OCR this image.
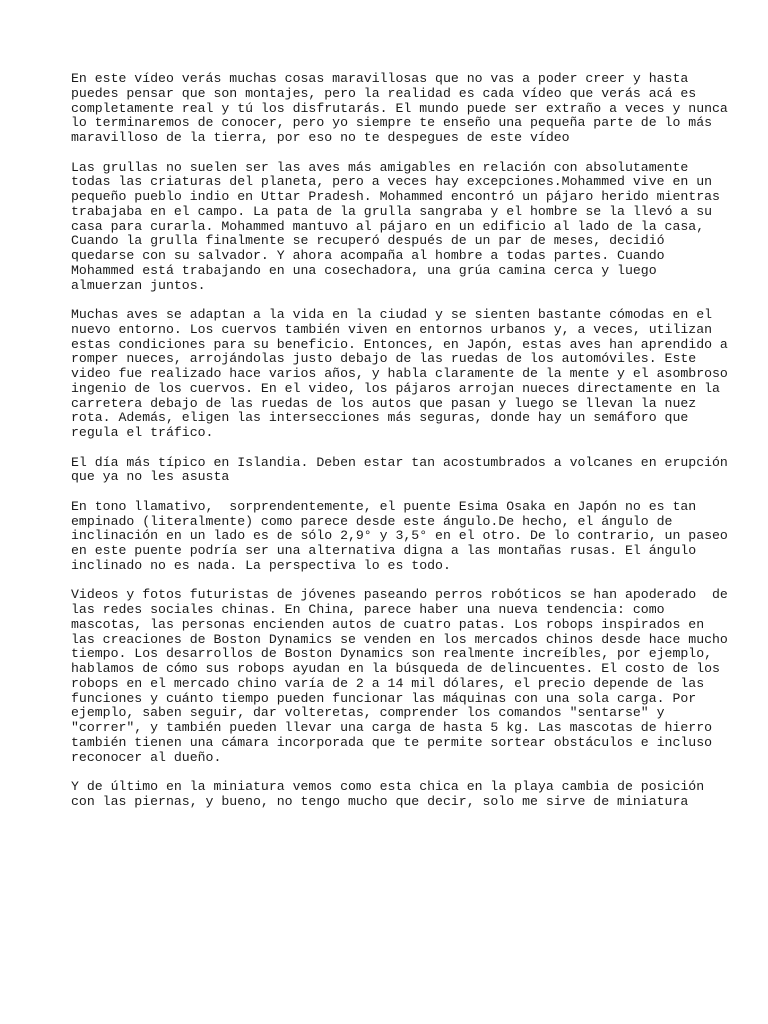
En este vídeo verás muchas cosas maravillosas que no vas a poder creer y hasta
puedes pensar que son montajes, pero la realidad es cada vídeo que verás acá es
completamente real y tú los disfrutarás. El mundo puede ser extraño a veces y nunca
lo terminaremos de conocer, pero yo siempre te enseño una pequeña parte de lo más
maravilloso de la tierra, por eso no te despegues de este vídeo

Las grullas no suelen ser las aves más amigables en relación con absolutamente
todas las criaturas del planeta, pero a veces hay excepciones.Mohammed vive en un
pequeño pueblo indio en Uttar Pradesh. Mohammed encontró un pájaro herido mientras
trabajaba en el campo. La pata de la grulla sangraba y el hombre se la llevó a su
casa para curarla. Mohammed mantuvo al pájaro en un edificio al lado de la casa,
Cuando la grulla finalmente se recuperó después de un par de meses, decidió
quedarse con su salvador. Y ahora acompaña al hombre a todas partes. Cuando
Mohammed está trabajando en una cosechadora, una grúa camina cerca y luego
almuerzan juntos.

Muchas aves se adaptan a la vida en la ciudad y se sienten bastante cómodas en el
nuevo entorno. Los cuervos también viven en entornos urbanos y, a veces, utilizan
estas condiciones para su beneficio. Entonces, en Japón, estas aves han aprendido a
romper nueces, arrojándolas justo debajo de las ruedas de los automóviles. Este
video fue realizado hace varios años, y habla claramente de la mente y el asombroso
ingenio de los cuervos. En el video, los pájaros arrojan nueces directamente en la
carretera debajo de las ruedas de los autos que pasan y luego se llevan la nuez
rota. Además, eligen las intersecciones más seguras, donde hay un semáforo que
regula el tráfico.

El día más típico en Islandia. Deben estar tan acostumbrados a volcanes en erupción
que ya no les asusta

En tono llamativo,  sorprendentemente, el puente Esima Osaka en Japón no es tan
empinado (literalmente) como parece desde este ángulo.De hecho, el ángulo de
inclinación en un lado es de sólo 2,9° y 3,5° en el otro. De lo contrario, un paseo
en este puente podría ser una alternativa digna a las montañas rusas. El ángulo
inclinado no es nada. La perspectiva lo es todo.

Videos y fotos futuristas de jóvenes paseando perros robóticos se han apoderado  de
las redes sociales chinas. En China, parece haber una nueva tendencia: como
mascotas, las personas encienden autos de cuatro patas. Los robops inspirados en
las creaciones de Boston Dynamics se venden en los mercados chinos desde hace mucho
tiempo. Los desarrollos de Boston Dynamics son realmente increíbles, por ejemplo,
hablamos de cómo sus robops ayudan en la búsqueda de delincuentes. El costo de los
robops en el mercado chino varía de 2 a 14 mil dólares, el precio depende de las
funciones y cuánto tiempo pueden funcionar las máquinas con una sola carga. Por
ejemplo, saben seguir, dar volteretas, comprender los comandos "sentarse" y
"correr", y también pueden llevar una carga de hasta 5 kg. Las mascotas de hierro
también tienen una cámara incorporada que te permite sortear obstáculos e incluso
reconocer al dueño.

Y de último en la miniatura vemos como esta chica en la playa cambia de posición
con las piernas, y bueno, no tengo mucho que decir, solo me sirve de miniatura
